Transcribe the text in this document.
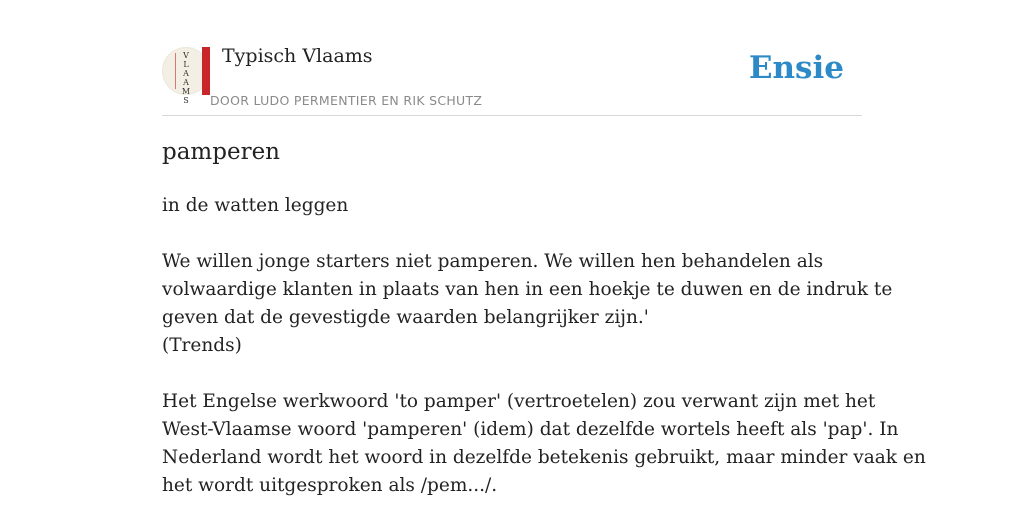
V
L
A
A
M
S
Typisch Vlaams
DOOR LUDO PERMENTIER EN RIK SCHUTZ
Ensie
pamperen

in de watten leggen

We willen jonge starters niet pamperen. We willen hen behandelen als
volwaardige klanten in plaats van hen in een hoekje te duwen en de indruk te
geven dat de gevestigde waarden belangrijker zijn.'
(Trends)

Het Engelse werkwoord 'to pamper' (vertroetelen) zou verwant zijn met het
West-Vlaamse woord 'pamperen' (idem) dat dezelfde wortels heeft als 'pap'. In
Nederland wordt het woord in dezelfde betekenis gebruikt, maar minder vaak en
het wordt uitgesproken als /pem.../.
